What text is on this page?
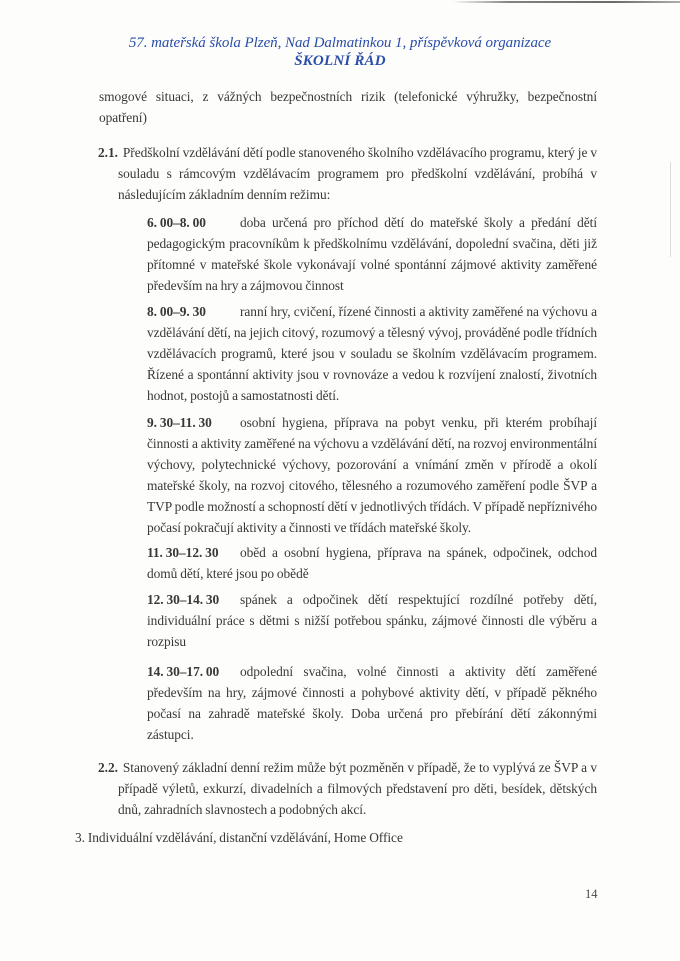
57. mateřská škola Plzeň, Nad Dalmatinkou 1, příspěvková organizace
ŠKOLNÍ ŘÁD

smogové situaci, z vážných bezpečnostních rizik (telefonické výhružky, bezpečnostní opatření)

2.1. Předškolní vzdělávání dětí podle stanoveného školního vzdělávacího programu, který je v souladu s rámcovým vzdělávacím programem pro předškolní vzdělávání, probíhá v následujícím základním denním režimu:

6. 00–8. 00	doba určená pro příchod dětí do mateřské školy a předání dětí pedagogickým pracovníkům k předškolnímu vzdělávání, dopolední svačina, děti již přítomné v mateřské škole vykonávají volné spontánní zájmové aktivity zaměřené především na hry a zájmovou činnost

8. 00–9. 30	ranní hry, cvičení, řízené činnosti a aktivity zaměřené na výchovu a vzdělávání dětí, na jejich citový, rozumový a tělesný vývoj, prováděné podle třídních vzdělávacích programů, které jsou v souladu se školním vzdělávacím programem. Řízené a spontánní aktivity jsou v rovnováze a vedou k rozvíjení znalostí, životních hodnot, postojů a samostatnosti dětí.

9. 30–11. 30 osobní hygiena, příprava na pobyt venku, při kterém probíhají činnosti a aktivity zaměřené na výchovu a vzdělávání dětí, na rozvoj environmentální výchovy, polytechnické výchovy, pozorování a vnímání změn v přírodě a okolí mateřské školy, na rozvoj citového, tělesného a rozumového zaměření podle ŠVP a TVP podle možností a schopností dětí v jednotlivých třídách. V případě nepříznivého počasí pokračují aktivity a činnosti ve třídách mateřské školy.

11. 30–12. 30 oběd a osobní hygiena, příprava na spánek, odpočinek, odchod domů dětí, které jsou po obědě

12. 30–14. 30 spánek a odpočinek dětí respektující rozdílné potřeby dětí, individuální práce s dětmi s nižší potřebou spánku, zájmové činnosti dle výběru a rozpisu

14. 30–17. 00 odpolední svačina, volné činnosti a aktivity dětí zaměřené především na hry, zájmové činnosti a pohybové aktivity dětí, v případě pěkného počasí na zahradě mateřské školy. Doba určená pro přebírání dětí zákonnými zástupci.

2.2. Stanovený základní denní režim může být pozměněn v případě, že to vyplývá ze ŠVP a v případě výletů, exkurzí, divadelních a filmových představení pro děti, besídek, dětských dnů, zahradních slavnostech a podobných akcí.

3. Individuální vzdělávání, distanční vzdělávání, Home Office

14
